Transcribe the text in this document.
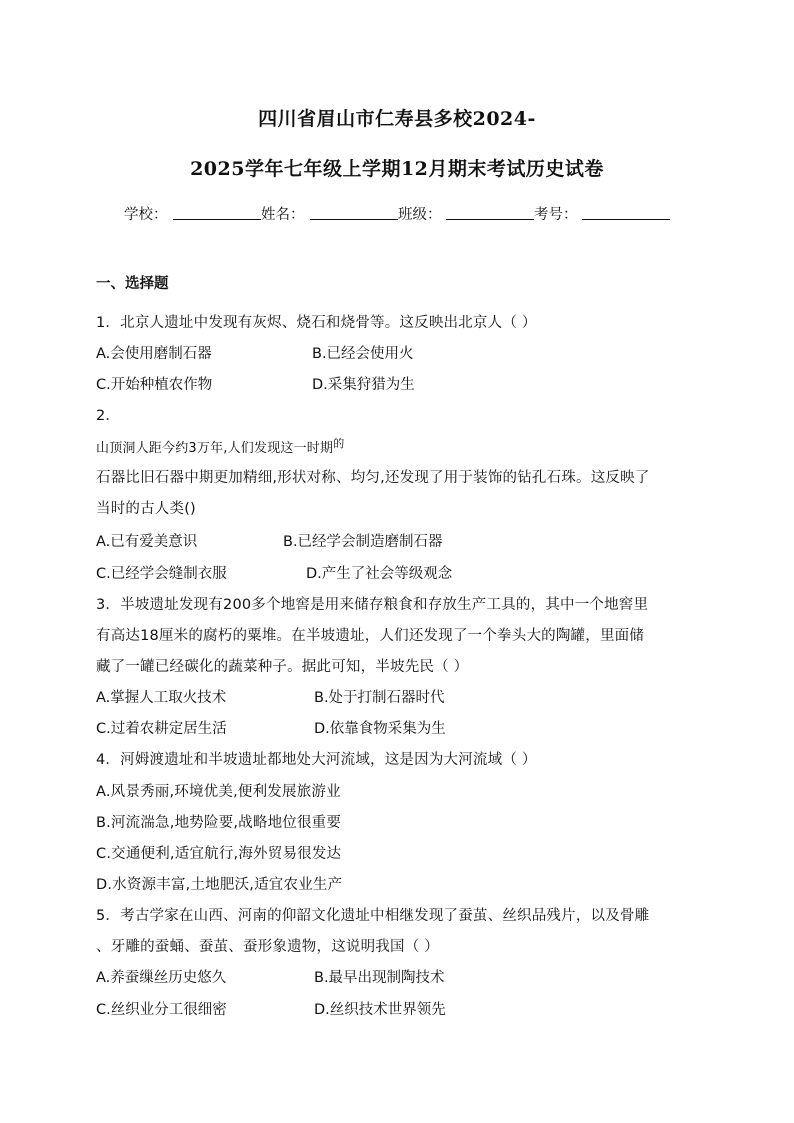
四川省眉山市仁寿县多校2024-
2025学年七年级上学期12月期末考试历史试卷
学校：	姓名：	班级：	考号：
一、选择题
1．北京人遗址中发现有灰烬、烧石和烧骨等。这反映出北京人（ ）
A.会使用磨制石器	B.已经会使用火
C.开始种植农作物	D.采集狩猎为生
2．
山顶洞人距今约3万年,人们发现这一时期$^的$
石器比旧石器中期更加精细,形状对称、均匀,还发现了用于装饰的钻孔石珠。这反映了
当时的古人类()
A.已有爱美意识	B.已经学会制造磨制石器
C.已经学会缝制衣服	D.产生了社会等级观念
3．半坡遗址发现有200多个地窖是用来储存粮食和存放生产工具的，其中一个地窖里
有高达18厘米的腐朽的粟堆。在半坡遗址，人们还发现了一个拳头大的陶罐，里面储
藏了一罐已经碳化的蔬菜种子。据此可知，半坡先民（ ）
A.掌握人工取火技术	B.处于打制石器时代
C.过着农耕定居生活	D.依靠食物采集为生
4．河姆渡遗址和半坡遗址都地处大河流域，这是因为大河流域（ ）
A.风景秀丽,环境优美,便利发展旅游业
B.河流湍急,地势险要,战略地位很重要
C.交通便利,适宜航行,海外贸易很发达
D.水资源丰富,土地肥沃,适宜农业生产
5．考古学家在山西、河南的仰韶文化遗址中相继发现了蚕茧、丝织品残片，以及骨雕
、牙雕的蚕蛹、蚕茧、蚕形象遗物，这说明我国（ ）
A.养蚕缫丝历史悠久	B.最早出现制陶技术
C.丝织业分工很细密	D.丝织技术世界领先
